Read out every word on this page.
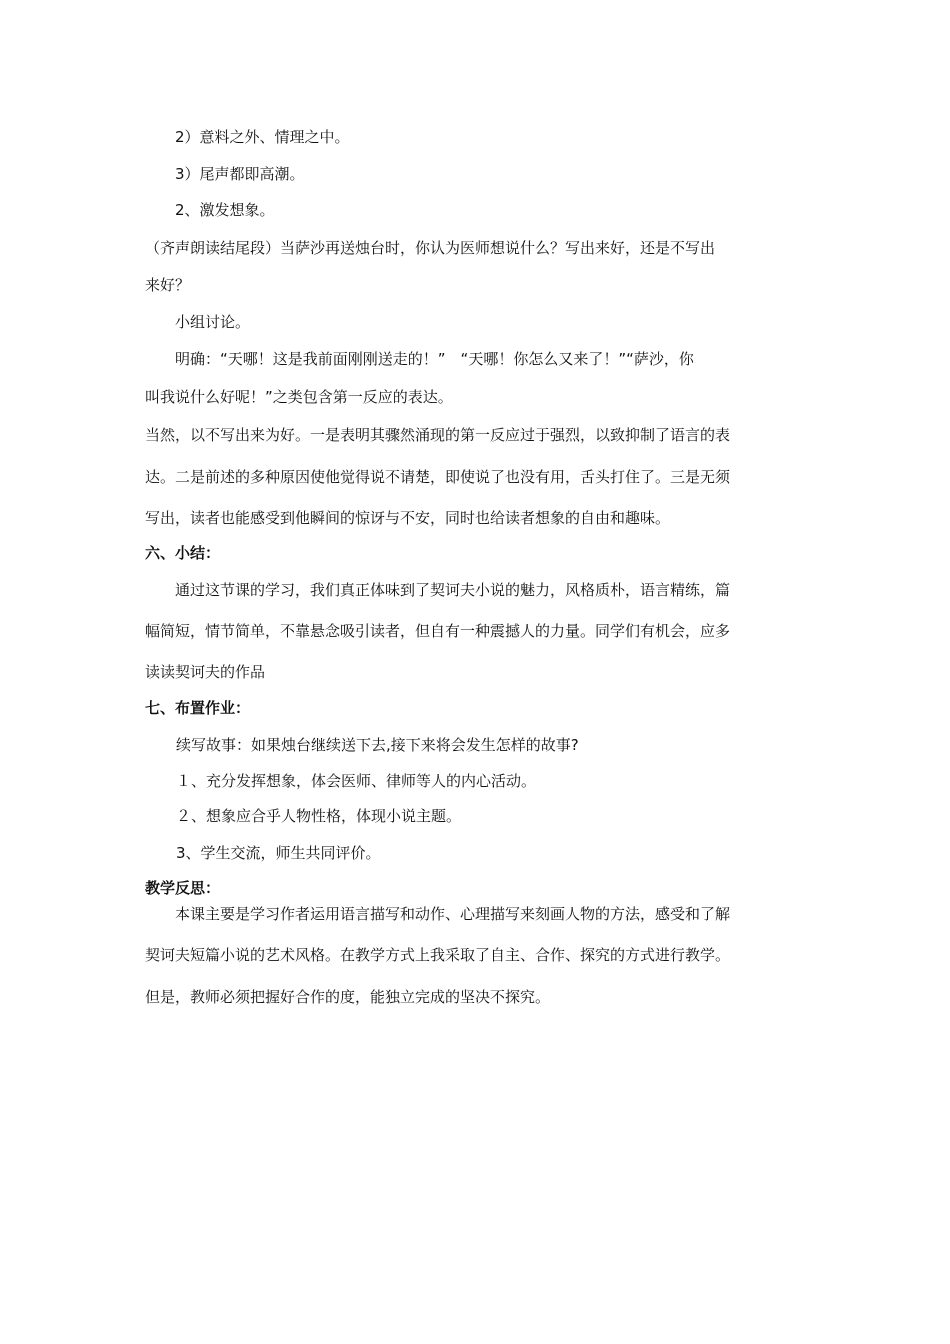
2）意料之外、情理之中。
3）尾声都即高潮。
2、激发想象。
（齐声朗读结尾段）当萨沙再送烛台时，你认为医师想说什么？写出来好，还是不写出
来好？
小组讨论。
明确：“天哪！这是我前面刚刚送走的！”　“天哪！你怎么又来了！”“萨沙，你
叫我说什么好呢！”之类包含第一反应的表达。
当然，以不写出来为好。一是表明其骤然涌现的第一反应过于强烈，以致抑制了语言的表
达。二是前述的多种原因使他觉得说不请楚，即使说了也没有用，舌头打住了。三是无须
写出，读者也能感受到他瞬间的惊讶与不安，同时也给读者想象的自由和趣味。
六、小结：
通过这节课的学习，我们真正体味到了契诃夫小说的魅力，风格质朴，语言精练，篇
幅简短，情节简单，不靠悬念吸引读者，但自有一种震撼人的力量。同学们有机会，应多
读读契诃夫的作品
七、布置作业：
续写故事：如果烛台继续送下去,接下来将会发生怎样的故事?
１、充分发挥想象，体会医师、律师等人的内心活动。
２、想象应合乎人物性格，体现小说主题。
3、学生交流，师生共同评价。
教学反思：
本课主要是学习作者运用语言描写和动作、心理描写来刻画人物的方法，感受和了解
契诃夫短篇小说的艺术风格。在教学方式上我采取了自主、合作、探究的方式进行教学。
但是，教师必须把握好合作的度，能独立完成的坚决不探究。
